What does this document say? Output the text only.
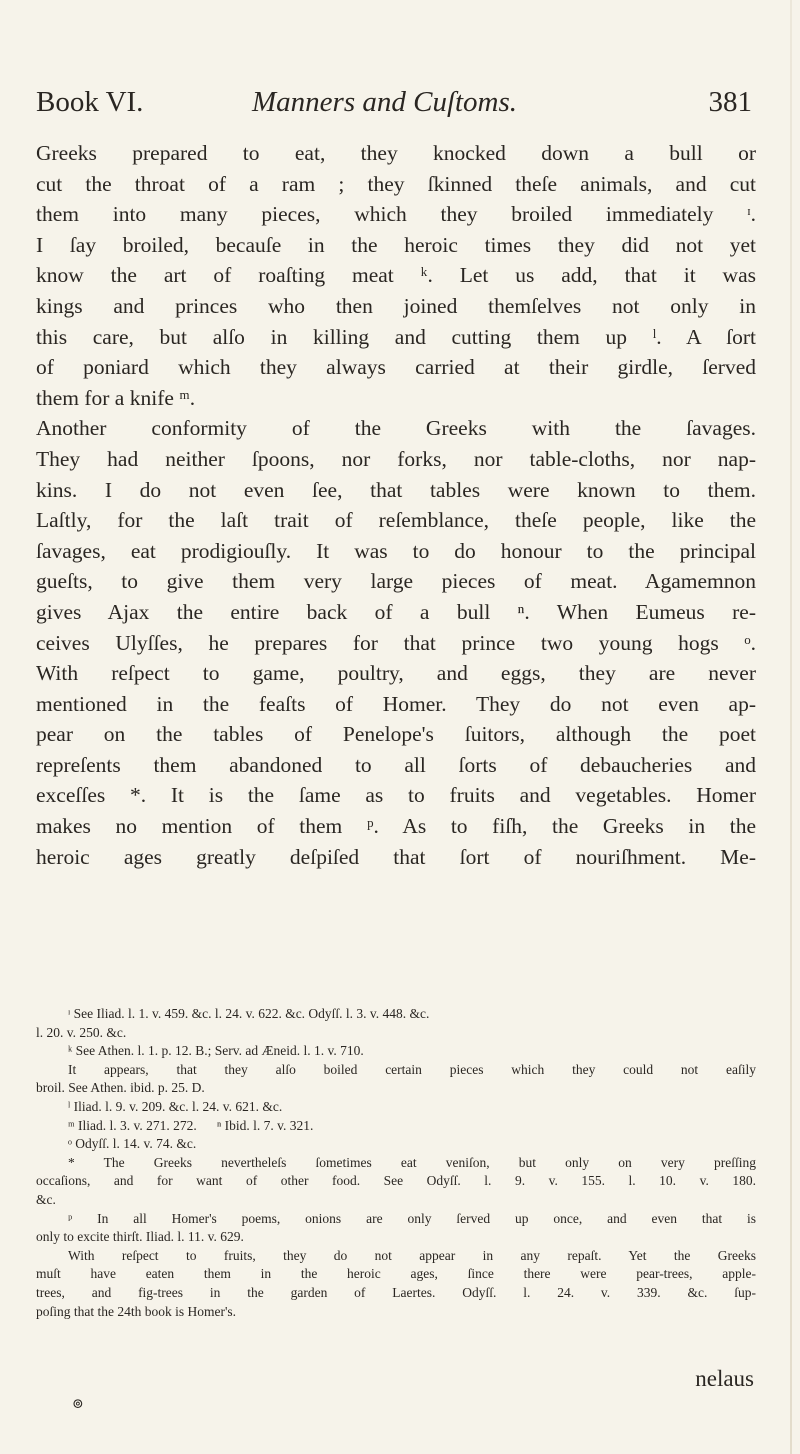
Book VI.	Manners and Cuſtoms.	381
Greeks prepared to eat, they knocked down a bull or
cut the throat of a ram ; they ſkinned theſe animals, and cut
them into many pieces, which they broiled immediately ᶦ.
I ſay broiled, becauſe in the heroic times they did not yet
know the art of roaſting meat ᵏ. Let us add, that it was
kings and princes who then joined themſelves not only in
this care, but alſo in killing and cutting them up ˡ. A ſort
of poniard which they always carried at their girdle, ſerved
them for a knife ᵐ.
Another conformity of the Greeks with the ſavages.
They had neither ſpoons, nor forks, nor table-cloths, nor nap-
kins. I do not even ſee, that tables were known to them.
Laſtly, for the laſt trait of reſemblance, theſe people, like the
ſavages, eat prodigiouſly. It was to do honour to the principal
gueſts, to give them very large pieces of meat. Agamemnon
gives Ajax the entire back of a bull ⁿ. When Eumeus re-
ceives Ulyſſes, he prepares for that prince two young hogs ᵒ.
With reſpect to game, poultry, and eggs, they are never
mentioned in the feaſts of Homer. They do not even ap-
pear on the tables of Penelope's ſuitors, although the poet
repreſents them abandoned to all ſorts of debaucheries and
exceſſes *. It is the ſame as to fruits and vegetables. Homer
makes no mention of them ᵖ. As to fiſh, the Greeks in the
heroic ages greatly deſpiſed that ſort of nouriſhment. Me-
ᶦ See Iliad. l. 1. v. 459. &c. l. 24. v. 622. &c. Odyſſ. l. 3. v. 448. &c.
l. 20. v. 250. &c.
ᵏ See Athen. l. 1. p. 12. B.; Serv. ad Æneid. l. 1. v. 710.
It appears, that they alſo boiled certain pieces which they could not eaſily
broil. See Athen. ibid. p. 25. D.
ˡ Iliad. l. 9. v. 209. &c. l. 24. v. 621. &c.
ᵐ Iliad. l. 3. v. 271. 272.      ⁿ Ibid. l. 7. v. 321.
ᵒ Odyſſ. l. 14. v. 74. &c.
* The Greeks nevertheleſs ſometimes eat veniſon, but only on very preſſing
occaſions, and for want of other food. See Odyſſ. l. 9. v. 155. l. 10. v. 180.
&c.
ᵖ In all Homer's poems, onions are only ſerved up once, and even that is
only to excite thirſt. Iliad. l. 11. v. 629.
With reſpect to fruits, they do not appear in any repaſt. Yet the Greeks
muſt have eaten them in the heroic ages, ſince there were pear-trees, apple-
trees, and fig-trees in the garden of Laertes. Odyſſ. l. 24. v. 339. &c. ſup-
poſing that the 24th book is Homer's.
nelaus
⊚
